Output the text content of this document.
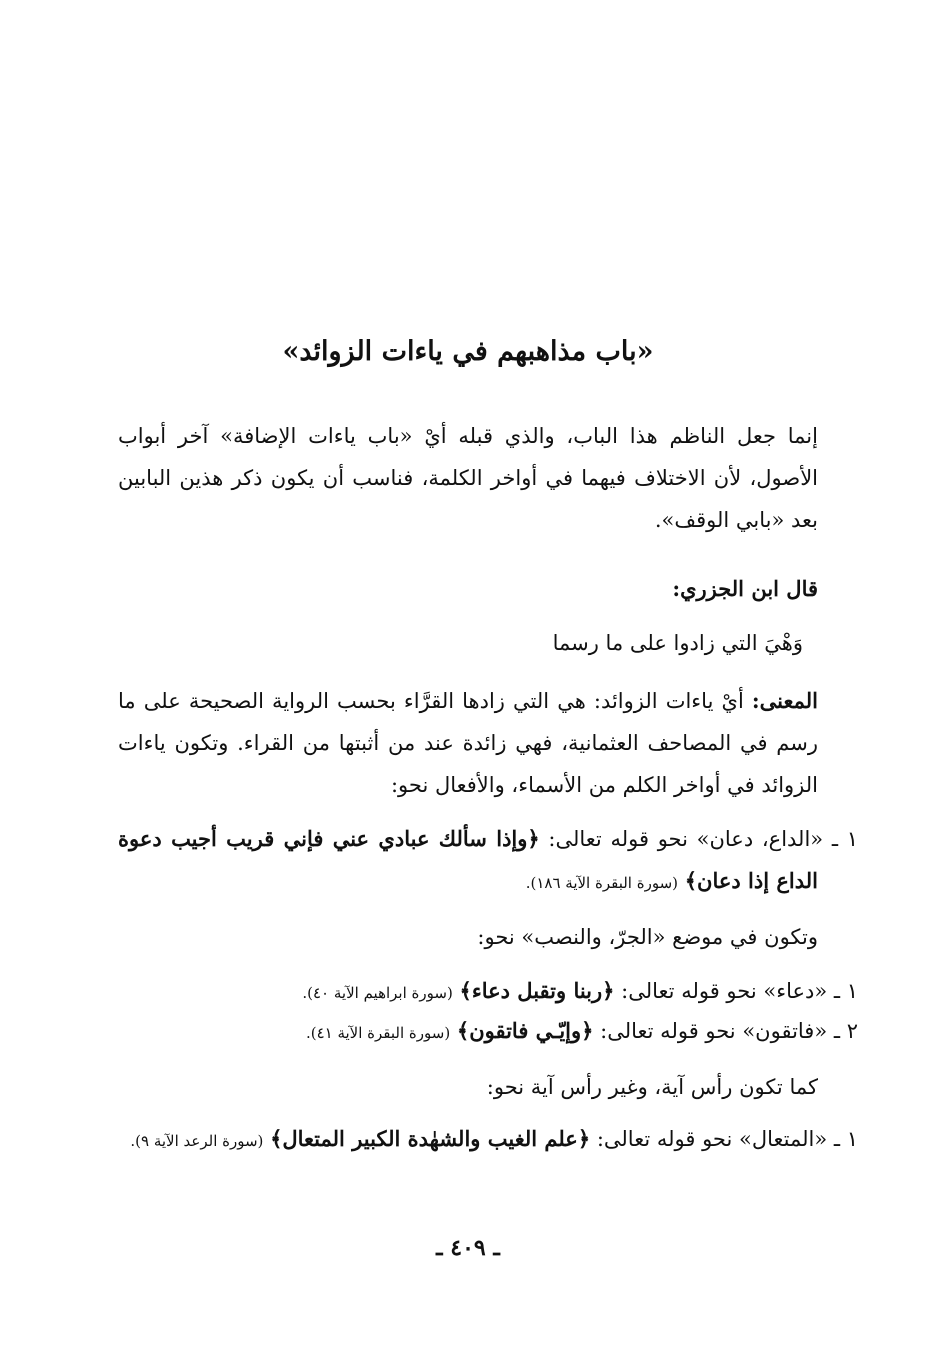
«باب مذاهبهم في ياءات الزوائد»
إنما جعل الناظم هذا الباب، والذي قبله أيْ «باب ياءات الإضافة» آخر أبواب الأصول، لأن الاختلاف فيهما في أواخر الكلمة، فناسب أن يكون ذكر هذين البابين بعد «بابي الوقف».
قال ابن الجزري:
وَهْيَ التي زادوا على ما رسما
المعنى: أيْ ياءات الزوائد: هي التي زادها القرَّاء بحسب الرواية الصحيحة على ما رسم في المصاحف العثمانية، فهي زائدة عند من أثبتها من القراء. وتكون ياءات الزوائد في أواخر الكلم من الأسماء، والأفعال نحو:
١ ـ «الداع، دعان» نحو قوله تعالى: ﴿وإذا سألك عبادي عني فإني قريب أجيب دعوة الداع إذا دعان﴾ (سورة البقرة الآية ١٨٦).
وتكون في موضع «الجرّ، والنصب» نحو:
١ ـ «دعاء» نحو قوله تعالى: ﴿ربنا وتقبل دعاء﴾ (سورة ابراهيم الآية ٤٠).
٢ ـ «فاتقون» نحو قوله تعالى: ﴿وإيّـي فاتقون﴾ (سورة البقرة الآية ٤١).
كما تكون رأس آية، وغير رأس آية نحو:
١ ـ «المتعال» نحو قوله تعالى: ﴿علم الغيب والشهٰدة الكبير المتعال﴾ (سورة الرعد الآية ٩).
ـ ٤٠٩ ـ
